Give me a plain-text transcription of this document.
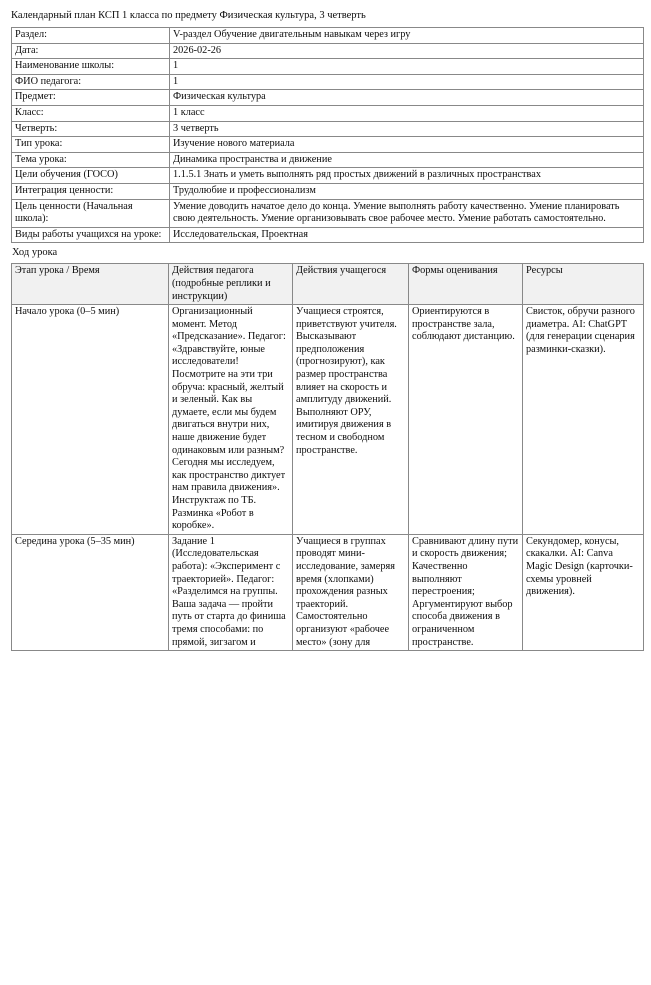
Календарный план КСП 1 класса по предмету Физическая культура, 3 четверть
Раздел:	V-раздел Обучение двигательным навыкам через игру
Дата:	2026-02-26
Наименование школы:	1
ФИО педагога:	1
Предмет:	Физическая культура
Класс:	1 класс
Четверть:	3 четверть
Тип урока:	Изучение нового материала
Тема урока:	Динамика пространства и движение
Цели обучения (ГОСО)	1.1.5.1 Знать и уметь выполнять ряд простых движений в различных пространствах
Интеграция ценности:	Трудолюбие и профессионализм
Цель ценности (Начальная школа):	Умение доводить начатое дело до конца. Умение выполнять работу качественно. Умение планировать свою деятельность. Умение организовывать свое рабочее место. Умение работать самостоятельно.
Виды работы учащихся на уроке:	Исследовательская, Проектная
Ход урока
Этап урока / Время	Действия педагога (подробные реплики и инструкции)	Действия учащегося	Формы оценивания	Ресурсы
Начало урока (0–5 мин)	Организационный момент. Метод «Предсказание». Педагог: «Здравствуйте, юные исследователи! Посмотрите на эти три обруча: красный, желтый и зеленый. Как вы думаете, если мы будем двигаться внутри них, наше движение будет одинаковым или разным? Сегодня мы исследуем, как пространство диктует нам правила движения». Инструктаж по ТБ. Разминка «Робот в коробке».	Учащиеся строятся, приветствуют учителя. Высказывают предположения (прогнозируют), как размер пространства влияет на скорость и амплитуду движений. Выполняют ОРУ, имитируя движения в тесном и свободном пространстве.	Ориентируются в пространстве зала, соблюдают дистанцию.	Свисток, обручи разного диаметра. AI: ChatGPT (для генерации сценария разминки-сказки).
Середина урока (5–35 мин)	Задание 1 (Исследовательская работа): «Эксперимент с траекторией». Педагог: «Разделимся на группы. Ваша задача — пройти путь от старта до финиша тремя способами: по прямой, зигзагом и	Учащиеся в группах проводят мини-исследование, замеряя время (хлопками) прохождения разных траекторий. Самостоятельно организуют «рабочее место» (зону для	Сравнивают длину пути и скорость движения; Качественно выполняют перестроения; Аргументируют выбор способа движения в ограниченном пространстве.	Секундомер, конусы, скакалки. AI: Canva Magic Design (карточки-схемы уровней движения).
